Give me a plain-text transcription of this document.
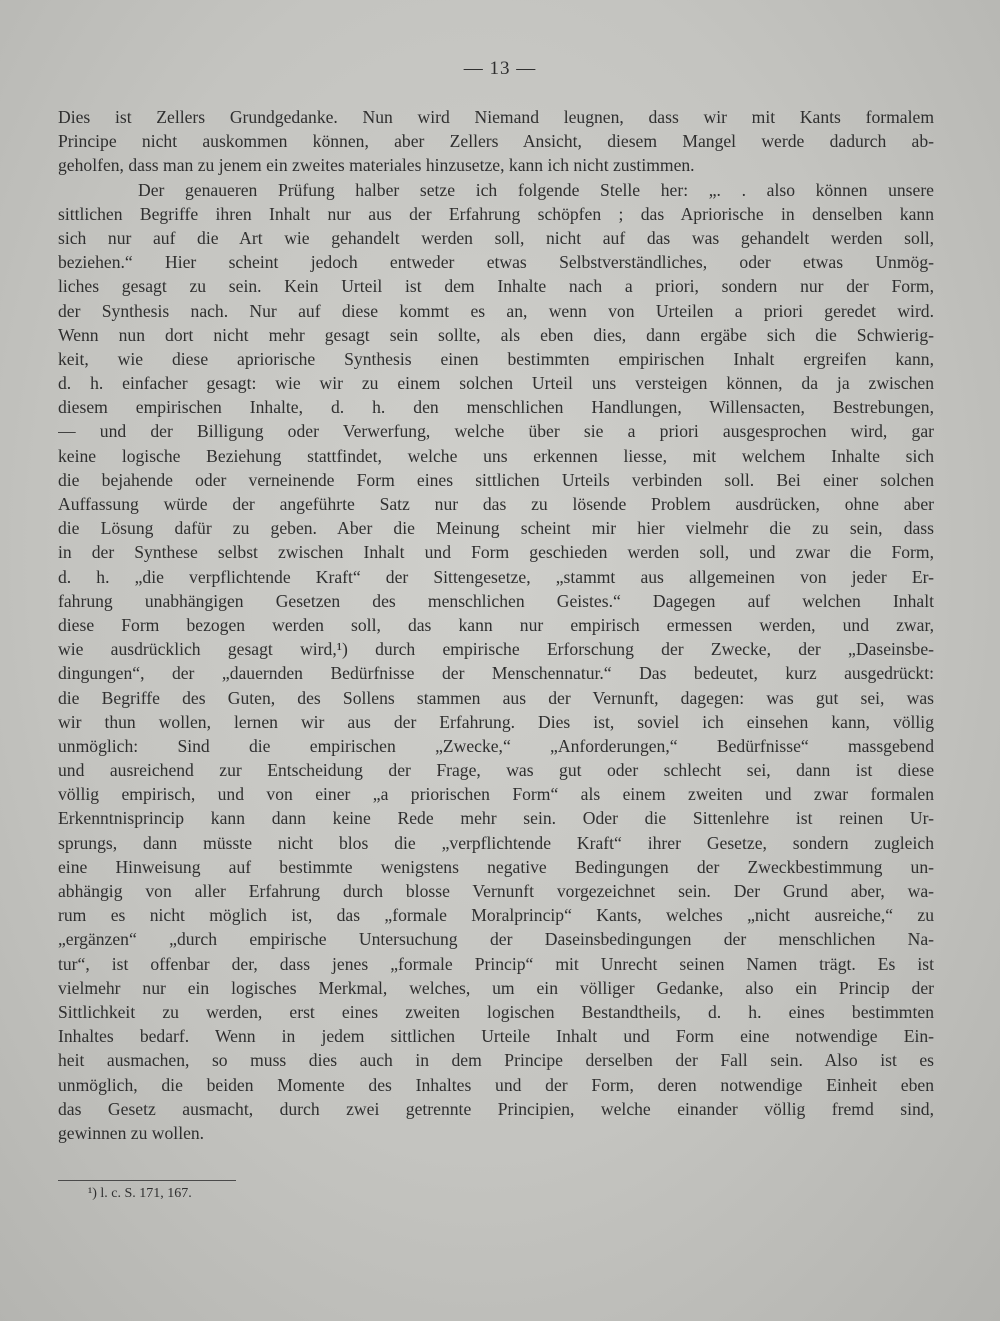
— 13 —
Dies ist Zellers Grundgedanke. Nun wird Niemand leugnen, dass wir mit Kants formalem
Principe nicht auskommen können, aber Zellers Ansicht, diesem Mangel werde dadurch ab-
geholfen, dass man zu jenem ein zweites materiales hinzusetze, kann ich nicht zustimmen.
Der genaueren Prüfung halber setze ich folgende Stelle her: „. . also können unsere
sittlichen Begriffe ihren Inhalt nur aus der Erfahrung schöpfen ; das Apriorische in denselben kann
sich nur auf die Art wie gehandelt werden soll, nicht auf das was gehandelt werden soll,
beziehen.“ Hier scheint jedoch entweder etwas Selbstverständliches, oder etwas Unmög-
liches gesagt zu sein. Kein Urteil ist dem Inhalte nach a priori, sondern nur der Form,
der Synthesis nach. Nur auf diese kommt es an, wenn von Urteilen a priori geredet wird.
Wenn nun dort nicht mehr gesagt sein sollte, als eben dies, dann ergäbe sich die Schwierig-
keit, wie diese apriorische Synthesis einen bestimmten empirischen Inhalt ergreifen kann,
d. h. einfacher gesagt: wie wir zu einem solchen Urteil uns versteigen können, da ja zwischen
diesem empirischen Inhalte, d. h. den menschlichen Handlungen, Willensacten, Bestrebungen,
— und der Billigung oder Verwerfung, welche über sie a priori ausgesprochen wird, gar
keine logische Beziehung stattfindet, welche uns erkennen liesse, mit welchem Inhalte sich
die bejahende oder verneinende Form eines sittlichen Urteils verbinden soll. Bei einer solchen
Auffassung würde der angeführte Satz nur das zu lösende Problem ausdrücken, ohne aber
die Lösung dafür zu geben. Aber die Meinung scheint mir hier vielmehr die zu sein, dass
in der Synthese selbst zwischen Inhalt und Form geschieden werden soll, und zwar die Form,
d. h. „die verpflichtende Kraft“ der Sittengesetze, „stammt aus allgemeinen von jeder Er-
fahrung unabhängigen Gesetzen des menschlichen Geistes.“ Dagegen auf welchen Inhalt
diese Form bezogen werden soll, das kann nur empirisch ermessen werden, und zwar,
wie ausdrücklich gesagt wird,¹) durch empirische Erforschung der Zwecke, der „Daseinsbe-
dingungen“, der „dauernden Bedürfnisse der Menschennatur.“ Das bedeutet, kurz ausgedrückt:
die Begriffe des Guten, des Sollens stammen aus der Vernunft, dagegen: was gut sei, was
wir thun wollen, lernen wir aus der Erfahrung. Dies ist, soviel ich einsehen kann, völlig
unmöglich: Sind die empirischen „Zwecke,“ „Anforderungen,“ Bedürfnisse“ massgebend
und ausreichend zur Entscheidung der Frage, was gut oder schlecht sei, dann ist diese
völlig empirisch, und von einer „a priorischen Form“ als einem zweiten und zwar formalen
Erkenntnisprincip kann dann keine Rede mehr sein. Oder die Sittenlehre ist reinen Ur-
sprungs, dann müsste nicht blos die „verpflichtende Kraft“ ihrer Gesetze, sondern zugleich
eine Hinweisung auf bestimmte wenigstens negative Bedingungen der Zweckbestimmung un-
abhängig von aller Erfahrung durch blosse Vernunft vorgezeichnet sein. Der Grund aber, wa-
rum es nicht möglich ist, das „formale Moralprincip“ Kants, welches „nicht ausreiche,“ zu
„ergänzen“ „durch empirische Untersuchung der Daseinsbedingungen der menschlichen Na-
tur“, ist offenbar der, dass jenes „formale Princip“ mit Unrecht seinen Namen trägt. Es ist
vielmehr nur ein logisches Merkmal, welches, um ein völliger Gedanke, also ein Princip der
Sittlichkeit zu werden, erst eines zweiten logischen Bestandtheils, d. h. eines bestimmten
Inhaltes bedarf. Wenn in jedem sittlichen Urteile Inhalt und Form eine notwendige Ein-
heit ausmachen, so muss dies auch in dem Principe derselben der Fall sein. Also ist es
unmöglich, die beiden Momente des Inhaltes und der Form, deren notwendige Einheit eben
das Gesetz ausmacht, durch zwei getrennte Principien, welche einander völlig fremd sind,
gewinnen zu wollen.
¹) l. c. S. 171, 167.
